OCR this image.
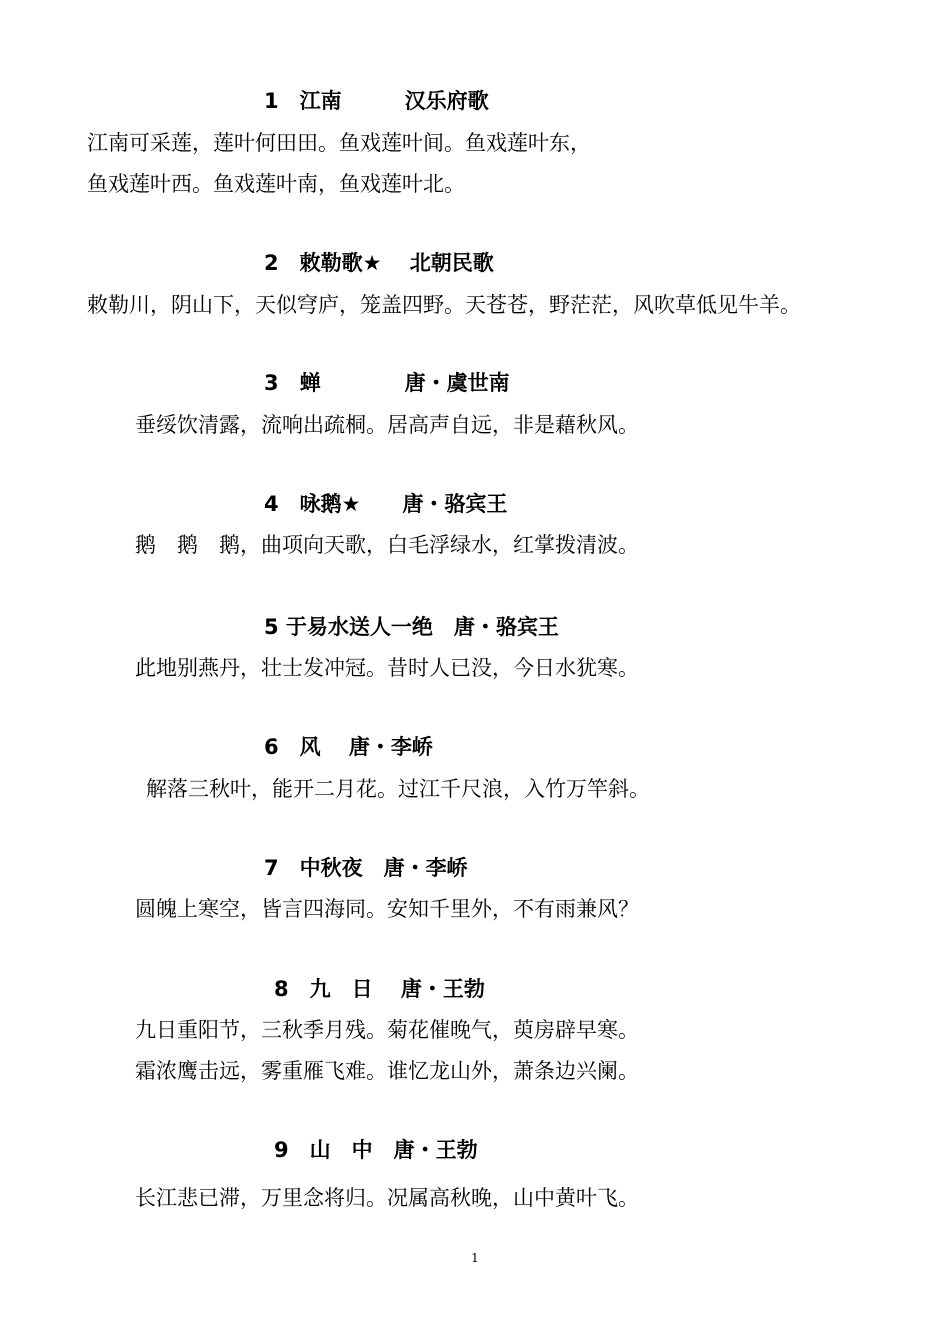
1　江南　　　汉乐府歌
江南可采莲，莲叶何田田。鱼戏莲叶间。鱼戏莲叶东，
鱼戏莲叶西。鱼戏莲叶南，鱼戏莲叶北。
2　敕勒歌★　 北朝民歌
敕勒川，阴山下，天似穹庐，笼盖四野。天苍苍，野茫茫，风吹草低见牛羊。
3　蝉　　　　唐・虞世南
垂绥饮清露，流响出疏桐。居高声自远，非是藉秋风。
4　咏鹅★　　唐・骆宾王
鹅　鹅　鹅，曲项向天歌，白毛浮绿水，红掌拨清波。
5 于易水送人一绝　唐・骆宾王
此地别燕丹，壮士发冲冠。昔时人已没，今日水犹寒。
6　风　 唐・李峤
解落三秋叶，能开二月花。过江千尺浪，入竹万竿斜。
7　中秋夜　唐・李峤
圆魄上寒空，皆言四海同。安知千里外，不有雨兼风？
8　九　日　 唐・王勃
九日重阳节，三秋季月残。菊花催晚气，萸房辟早寒。
霜浓鹰击远，雾重雁飞难。谁忆龙山外，萧条边兴阑。
9　山　中　唐・王勃
长江悲已滞，万里念将归。况属高秋晚，山中黄叶飞。
1
